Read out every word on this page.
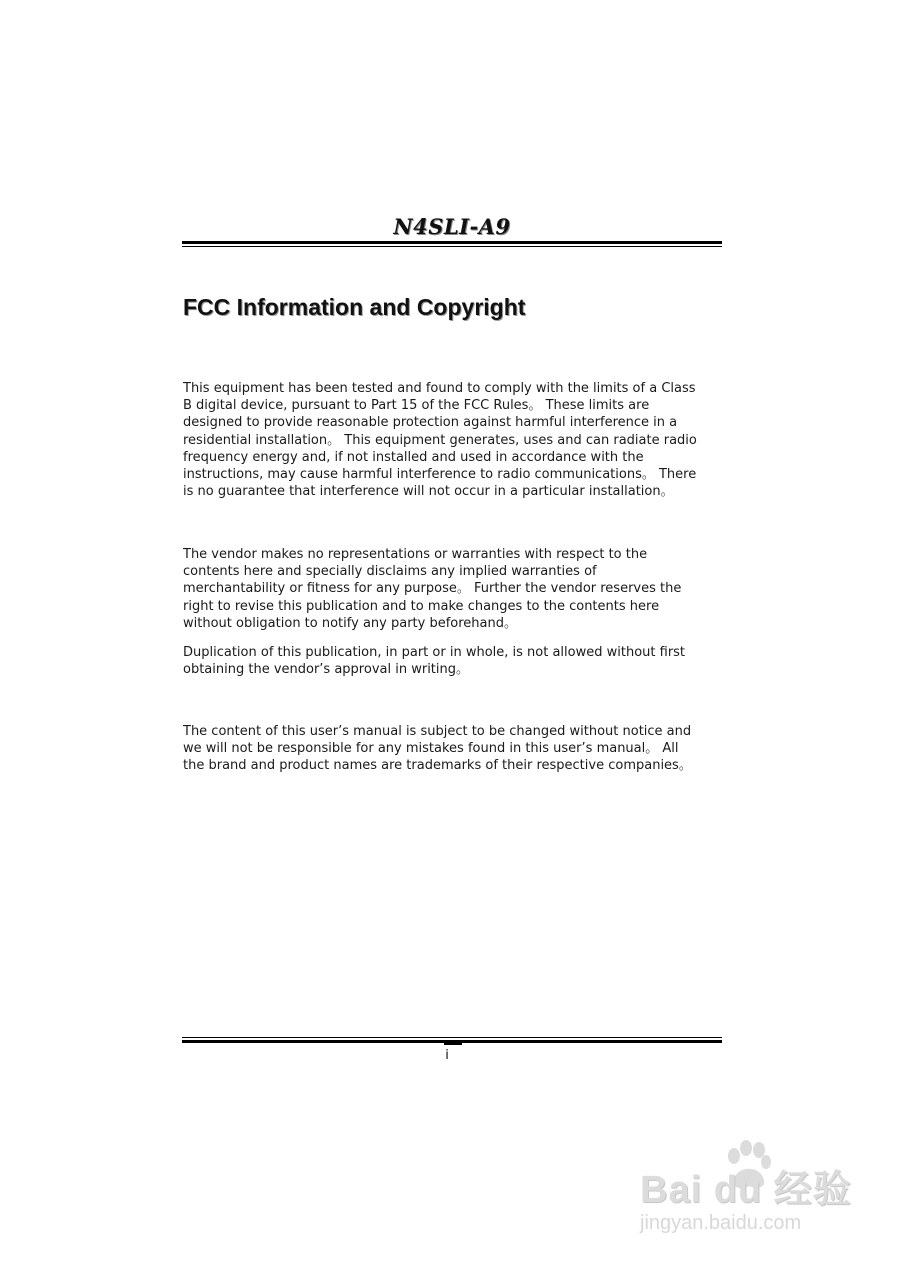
N4SLI-A9
FCC Information and Copyright

This equipment has been tested and found to comply with the limits of a Class
B digital device, pursuant to Part 15 of the FCC Rules。 These limits are
designed to provide reasonable protection against harmful interference in a
residential installation。 This equipment generates, uses and can radiate radio
frequency energy and, if not installed and used in accordance with the
instructions, may cause harmful interference to radio communications。 There
is no guarantee that interference will not occur in a particular installation。

The vendor makes no representations or warranties with respect to the
contents here and specially disclaims any implied warranties of
merchantability or fitness for any purpose。 Further the vendor reserves the
right to revise this publication and to make changes to the contents here
without obligation to notify any party beforehand。

Duplication of this publication, in part or in whole, is not allowed without first
obtaining the vendor’s approval in writing。

The content of this user’s manual is subject to be changed without notice and
we will not be responsible for any mistakes found in this user’s manual。 All
the brand and product names are trademarks of their respective companies。

i
Bai du 经验
jingyan.baidu.com
